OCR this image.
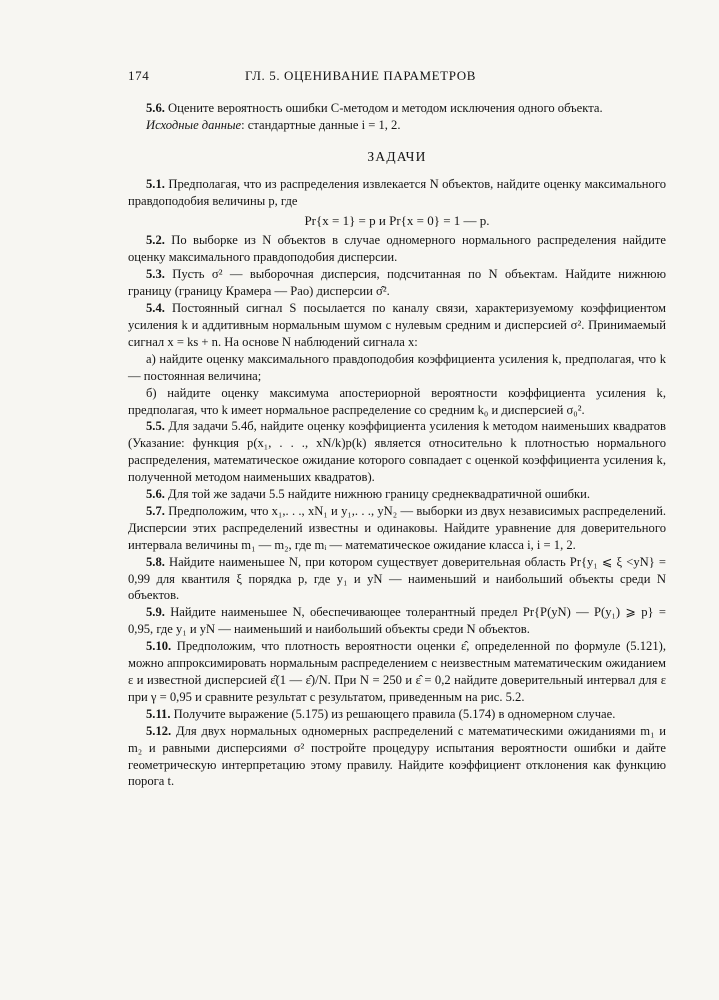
174	ГЛ. 5. ОЦЕНИВАНИЕ ПАРАМЕТРОВ

5.6. Оцените вероятность ошибки C-методом и методом исключения одного объекта.

Исходные данные: стандартные данные i = 1, 2.

ЗАДАЧИ

5.1. Предполагая, что из распределения извлекается N объектов, найдите оценку максимального правдоподобия величины p, где

Pr{x = 1} = p и Pr{x = 0} = 1 — p.

5.2. По выборке из N объектов в случае одномерного нормального распределения найдите оценку максимального правдоподобия дисперсии.

5.3. Пусть σ² — выборочная дисперсия, подсчитанная по N объектам. Найдите нижнюю границу (границу Крамера — Рао) дисперсии σ̂².

5.4. Постоянный сигнал S посылается по каналу связи, характеризуемому коэффициентом усиления k и аддитивным нормальным шумом с нулевым средним и дисперсией σ². Принимаемый сигнал x = ks + n. На основе N наблюдений сигнала x:

а) найдите оценку максимального правдоподобия коэффициента усиления k, предполагая, что k — постоянная величина;

б) найдите оценку максимума апостериорной вероятности коэффициента усиления k, предполагая, что k имеет нормальное распределение со средним k₀ и дисперсией σ₀².

5.5. Для задачи 5.4б, найдите оценку коэффициента усиления k методом наименьших квадратов (Указание: функция p(x₁, . . ., xN/k)p(k) является относительно k плотностью нормального распределения, математическое ожидание которого совпадает с оценкой коэффициента усиления k, полученной методом наименьших квадратов).

5.6. Для той же задачи 5.5 найдите нижнюю границу среднеквадратичной ошибки.

5.7. Предположим, что x₁,. . ., xN₁ и y₁,. . ., yN₂ — выборки из двух независимых распределений. Дисперсии этих распределений известны и одинаковы. Найдите уравнение для доверительного интервала величины m₁ — m₂, где mᵢ — математическое ожидание класса i, i = 1, 2.

5.8. Найдите наименьшее N, при котором существует доверительная область Pr{y₁ ⩽ ξ <yN} = 0,99 для квантиля ξ порядка p, где y₁ и yN — наименьший и наибольший объекты среди N объектов.

5.9. Найдите наименьшее N, обеспечивающее толерантный предел Pr{P(yN) — P(y₁) ⩾ p} = 0,95, где y₁ и yN — наименьший и наибольший объекты среди N объектов.

5.10. Предположим, что плотность вероятности оценки ε̂, определенной по формуле (5.121), можно аппроксимировать нормальным распределением с неизвестным математическим ожиданием ε и известной дисперсией ε̂(1 — ε̂)/N. При N = 250 и ε̂ = 0,2 найдите доверительный интервал для ε при γ = 0,95 и сравните результат с результатом, приведенным на рис. 5.2.

5.11. Получите выражение (5.175) из решающего правила (5.174) в одномерном случае.

5.12. Для двух нормальных одномерных распределений с математическими ожиданиями m₁ и m₂ и равными дисперсиями σ² постройте процедуру испытания вероятности ошибки и дайте геометрическую интерпретацию этому правилу. Найдите коэффициент отклонения как функцию порога t.
